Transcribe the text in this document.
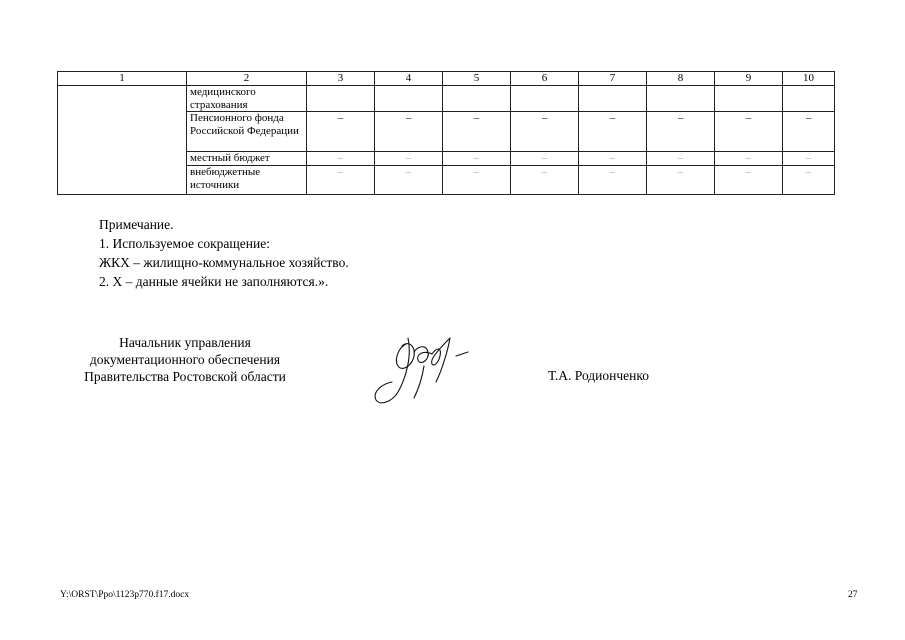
1	2	3	4	5	6	7	8	9	10
	медицинского страхования								
	Пенсионного фонда Российской Федерации	–	–	–	–	–	–	–	–
	местный бюджет	–	–	–	–	–	–	–	–
	внебюджетные источники	–	–	–	–	–	–	–	–
Примечание.
1. Используемое сокращение:
ЖКХ – жилищно-коммунальное хозяйство.
2. Х – данные ячейки не заполняются.».
Начальник управления
документационного обеспечения
Правительства Ростовской области	Т.А. Родионченко
Y:\ORST\Ppo\1123p770.f17.docx	27
